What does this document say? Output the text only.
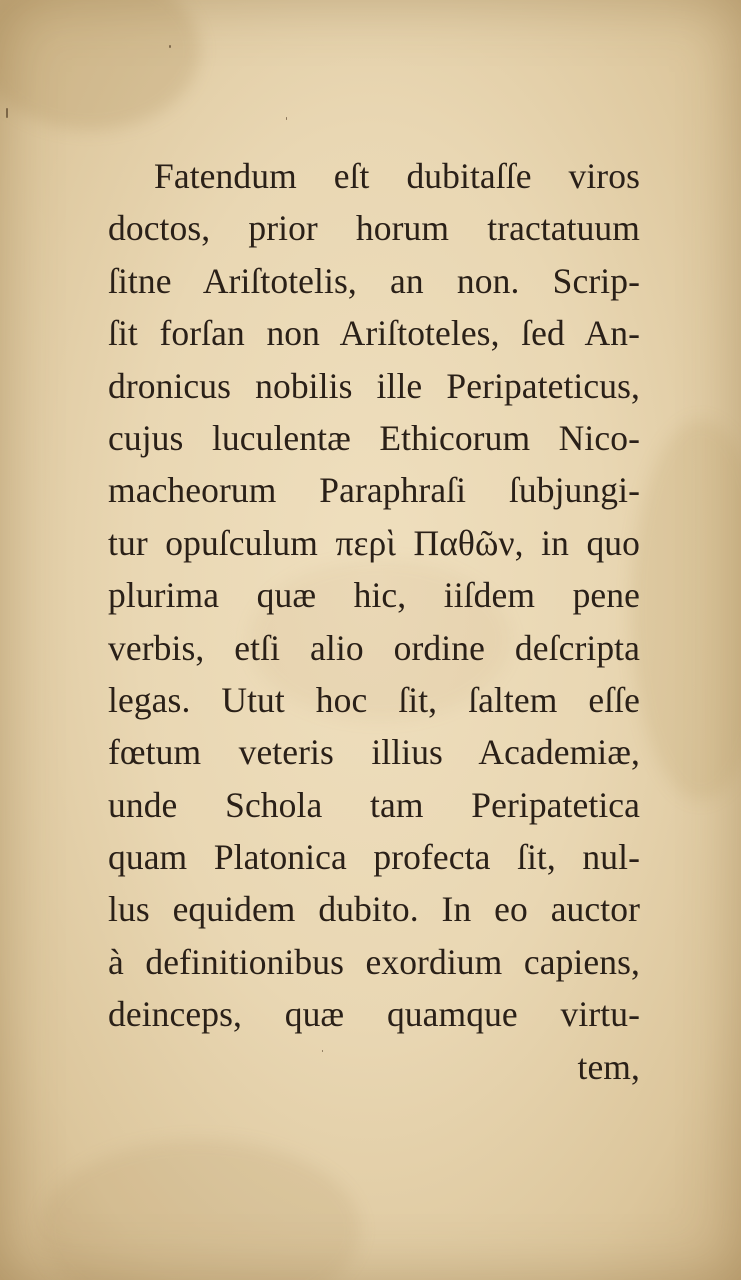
Fatendum eſt dubitaſſe viros
doctos, prior horum tractatuum
ſitne Ariſtotelis, an non. Scrip-
ſit forſan non Ariſtoteles, ſed An-
dronicus nobilis ille Peripateticus,
cujus luculentæ Ethicorum Nico-
macheorum Paraphraſi ſubjungi-
tur opuſculum περὶ Παθῶν, in quo
plurima quæ hic, iiſdem pene
verbis, etſi alio ordine deſcripta
legas. Utut hoc ſit, ſaltem eſſe
fœtum veteris illius Academiæ,
unde Schola tam Peripatetica
quam Platonica profecta ſit, nul-
lus equidem dubito. In eo auctor
à definitionibus exordium capiens,
deinceps, quæ quamque virtu-
tem,
